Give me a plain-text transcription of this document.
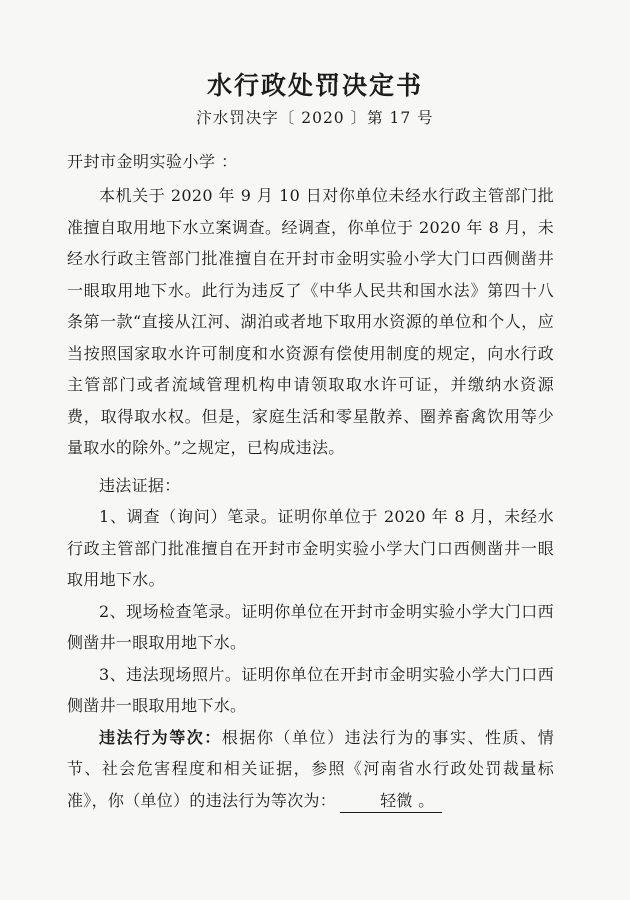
水行政处罚决定书
汴水罚决字〔 2020 〕第 17 号
开封市金明实验小学 ：

本机关于 2020 年 9 月 10 日对你单位未经水行政主管部门批准擅自取用地下水立案调查。经调查，你单位于 2020 年 8 月，未经水行政主管部门批准擅自在开封市金明实验小学大门口西侧凿井一眼取用地下水。此行为违反了《中华人民共和国水法》第四十八条第一款“直接从江河、湖泊或者地下取用水资源的单位和个人，应当按照国家取水许可制度和水资源有偿使用制度的规定，向水行政主管部门或者流域管理机构申请领取取水许可证，并缴纳水资源费，取得取水权。但是，家庭生活和零星散养、圈养畜禽饮用等少量取水的除外。”之规定，已构成违法。

违法证据：

1、调查（询问）笔录。证明你单位于 2020 年 8 月，未经水行政主管部门批准擅自在开封市金明实验小学大门口西侧凿井一眼取用地下水。

2、现场检查笔录。证明你单位在开封市金明实验小学大门口西侧凿井一眼取用地下水。

3、违法现场照片。证明你单位在开封市金明实验小学大门口西侧凿井一眼取用地下水。

违法行为等次：根据你（单位）违法行为的事实、性质、情节、社会危害程度和相关证据，参照《河南省水行政处罚裁量标准》，你（单位）的违法行为等次为：	轻微 。
